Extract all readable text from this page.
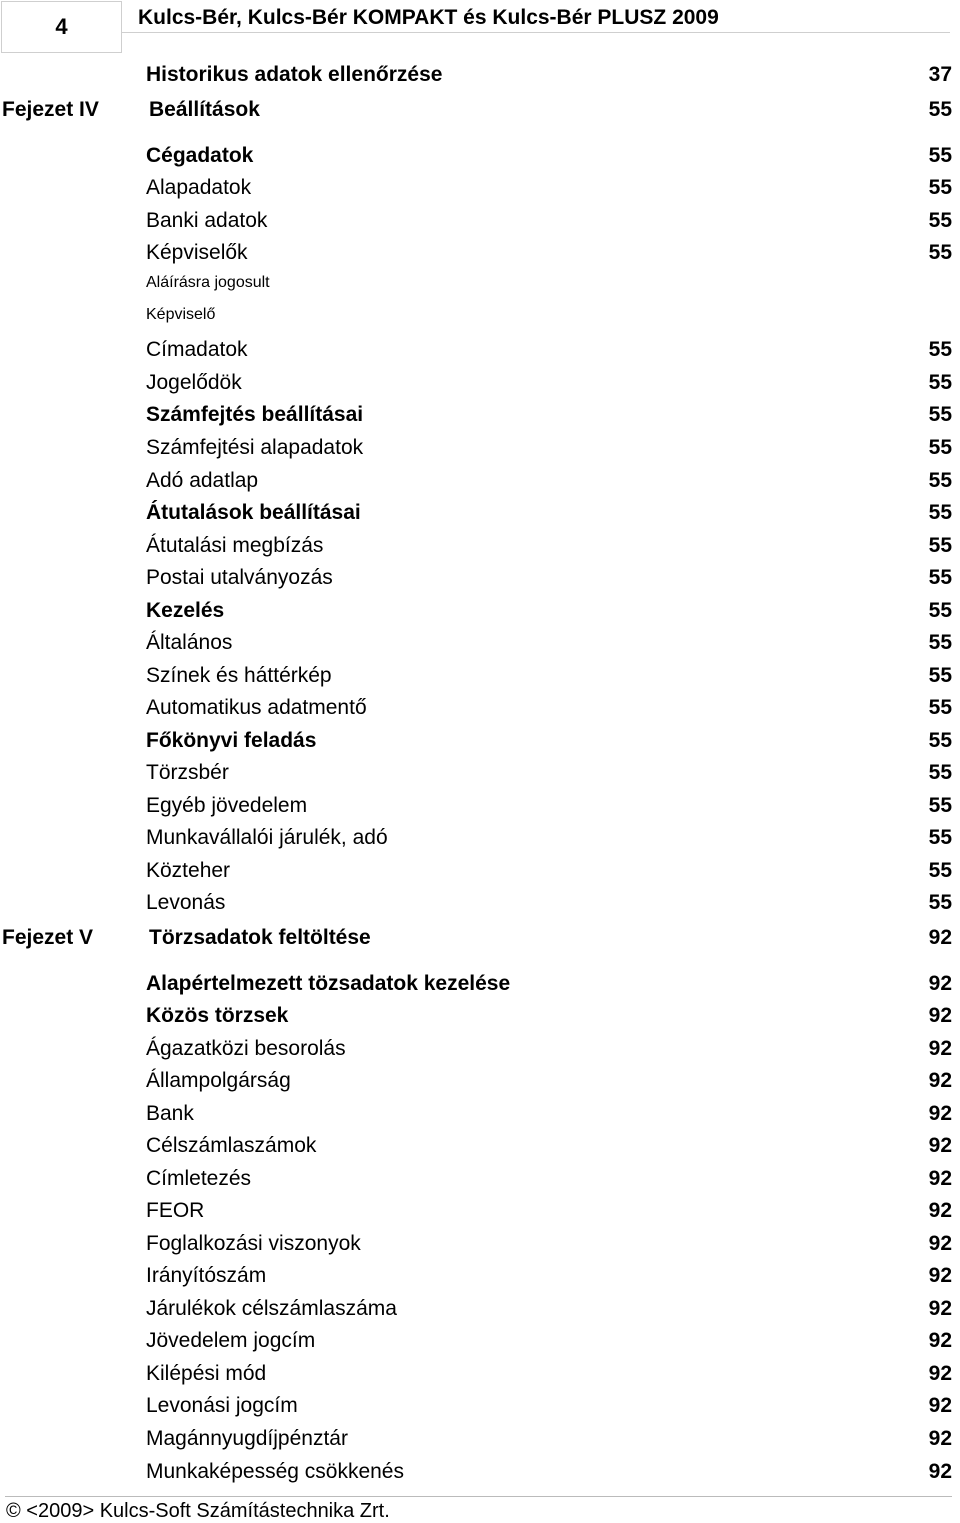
4	Kulcs-Bér, Kulcs-Bér KOMPAKT és Kulcs-Bér PLUSZ 2009
Historikus adatok ellenőrzése	37
Fejezet IV Beállítások	55
Cégadatok	55
Alapadatok	55
Banki adatok	55
Képviselők	55
Aláírásra jogosult
Képviselő
Címadatok	55
Jogelődök	55
Számfejtés beállításai	55
Számfejtési alapadatok	55
Adó adatlap	55
Átutalások beállításai	55
Átutalási megbízás	55
Postai utalványozás	55
Kezelés	55
Általános	55
Színek és háttérkép	55
Automatikus adatmentő	55
Főkönyvi feladás	55
Törzsbér	55
Egyéb jövedelem	55
Munkavállalói járulék, adó	55
Közteher	55
Levonás	55
Fejezet V	Törzsadatok feltöltése	92
Alapértelmezett tözsadatok kezelése	92
Közös törzsek	92
Ágazatközi besorolás	92
Állampolgárság	92
Bank	92
Célszámlaszámok	92
Címletezés	92
FEOR	92
Foglalkozási viszonyok	92
Irányítószám	92
Járulékok célszámlaszáma	92
Jövedelem jogcím	92
Kilépési mód	92
Levonási jogcím	92
Magánnyugdíjpénztár	92
Munkaképesség csökkenés	92
© <2009> Kulcs-Soft Számítástechnika Zrt.
